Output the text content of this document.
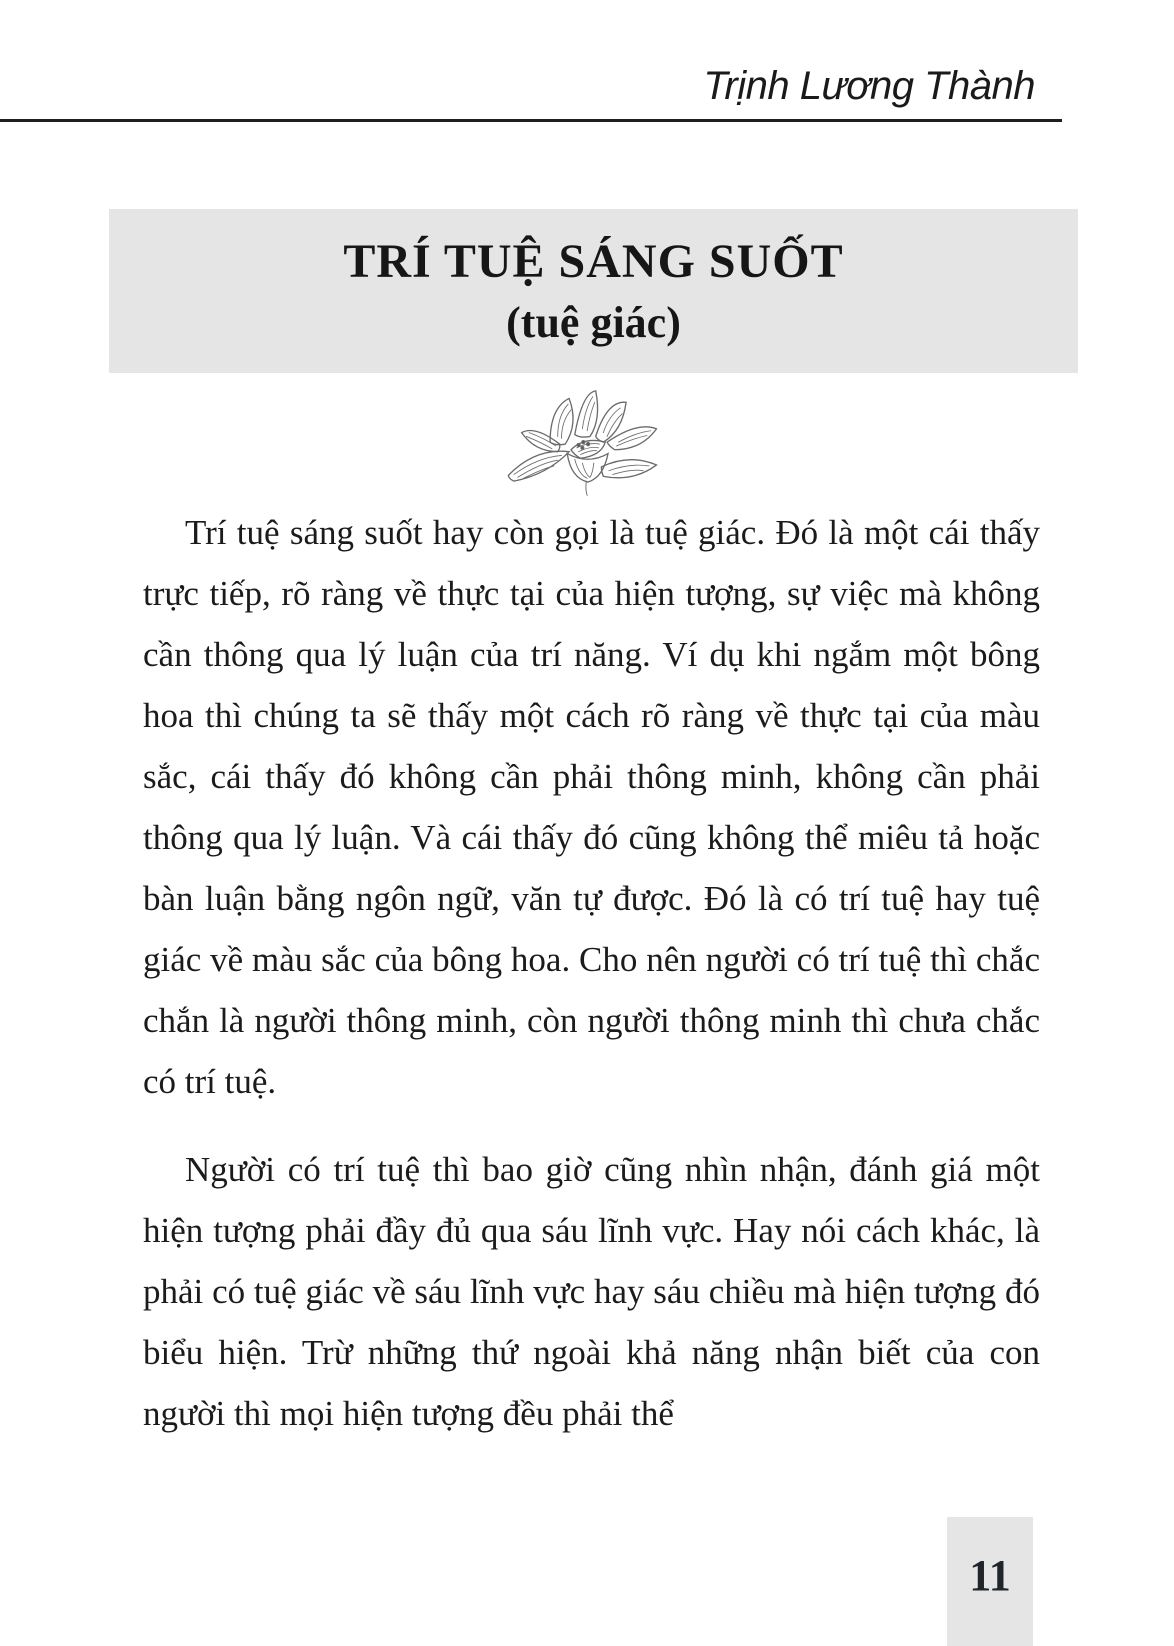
Trịnh Lương Thành
TRÍ TUỆ SÁNG SUỐT
(tuệ giác)

Trí tuệ sáng suốt hay còn gọi là tuệ giác. Đó là một cái thấy trực tiếp, rõ ràng về thực tại của hiện tượng, sự việc mà không cần thông qua lý luận của trí năng. Ví dụ khi ngắm một bông hoa thì chúng ta sẽ thấy một cách rõ ràng về thực tại của màu sắc, cái thấy đó không cần phải thông minh, không cần phải thông qua lý luận. Và cái thấy đó cũng không thể miêu tả hoặc bàn luận bằng ngôn ngữ, văn tự được. Đó là có trí tuệ hay tuệ giác về màu sắc của bông hoa. Cho nên người có trí tuệ thì chắc chắn là người thông minh, còn người thông minh thì chưa chắc có trí tuệ.

Người có trí tuệ thì bao giờ cũng nhìn nhận, đánh giá một hiện tượng phải đầy đủ qua sáu lĩnh vực. Hay nói cách khác, là phải có tuệ giác về sáu lĩnh vực hay sáu chiều mà hiện tượng đó biểu hiện. Trừ những thứ ngoài khả năng nhận biết của con người thì mọi hiện tượng đều phải thể

11
